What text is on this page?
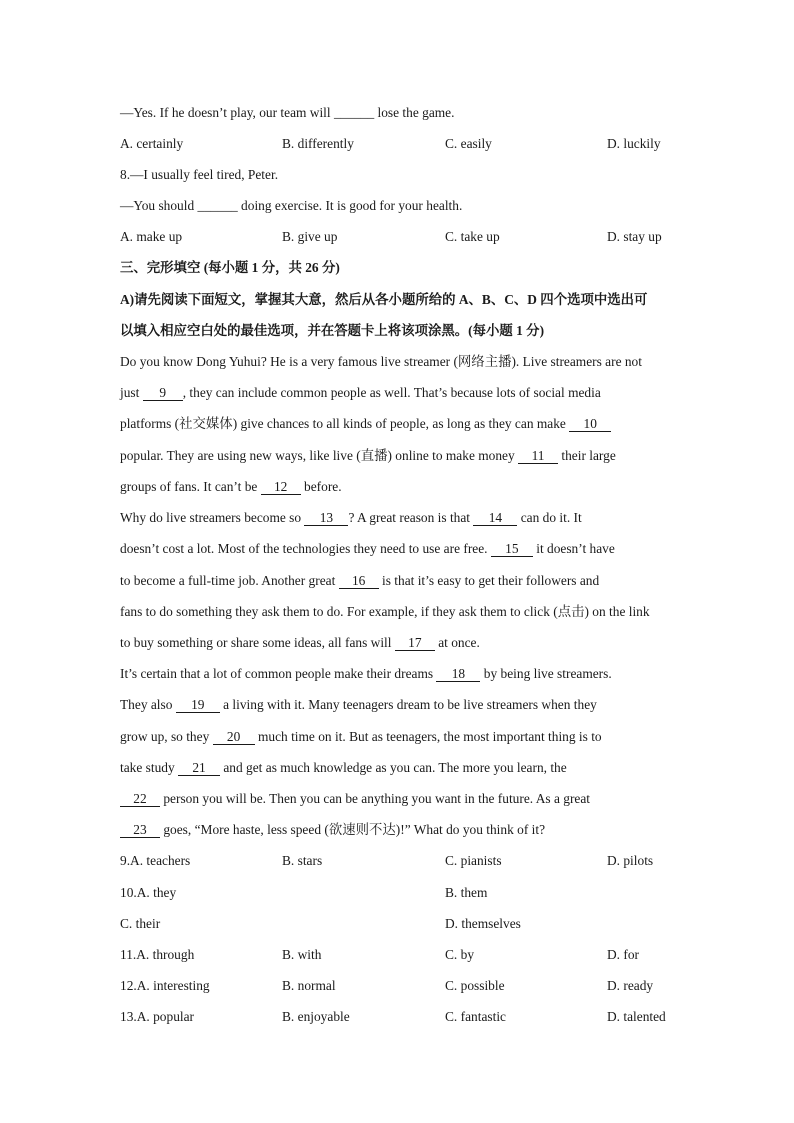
—Yes. If he doesn’t play, our team will ______ lose the game.
A. certainly	B. differently	C. easily	D. luckily
8.—I usually feel tired, Peter.
—You should ______ doing exercise. It is good for your health.
A. make up	B. give up	C. take up	D. stay up
三、完形填空 (每小题 1 分，共 26 分)
A)请先阅读下面短文，掌握其大意，然后从各小题所给的 A、B、C、D 四个选项中选出可
以填入相应空白处的最佳选项，并在答题卡上将该项涂黑。(每小题 1 分)
Do you know Dong Yuhui? He is a very famous live streamer (网络主播). Live streamers are not
just 9 , they can include common people as well. That’s because lots of social media
platforms (社交媒体) give chances to all kinds of people, as long as they can make 10
popular. They are using new ways, like live (直播) online to make money 11 their large
groups of fans. It can’t be 12 before.
Why do live streamers become so 13 ? A great reason is that 14 can do it. It
doesn’t cost a lot. Most of the technologies they need to use are free. 15 it doesn’t have
to become a full-time job. Another great 16 is that it’s easy to get their followers and
fans to do something they ask them to do. For example, if they ask them to click (点击) on the link
to buy something or share some ideas, all fans will 17 at once.
It’s certain that a lot of common people make their dreams 18 by being live streamers.
They also 19 a living with it. Many teenagers dream to be live streamers when they
grow up, so they 20 much time on it. But as teenagers, the most important thing is to
take study 21 and get as much knowledge as you can. The more you learn, the
22 person you will be. Then you can be anything you want in the future. As a great
23 goes, “More haste, less speed (欲速则不达)!” What do you think of it?
9.A. teachers	B. stars	C. pianists	D. pilots
10.A. they	B. them
C. their	D. themselves
11.A. through	B. with	C. by	D. for
12.A. interesting	B. normal	C. possible	D. ready
13.A. popular	B. enjoyable	C. fantastic	D. talented
